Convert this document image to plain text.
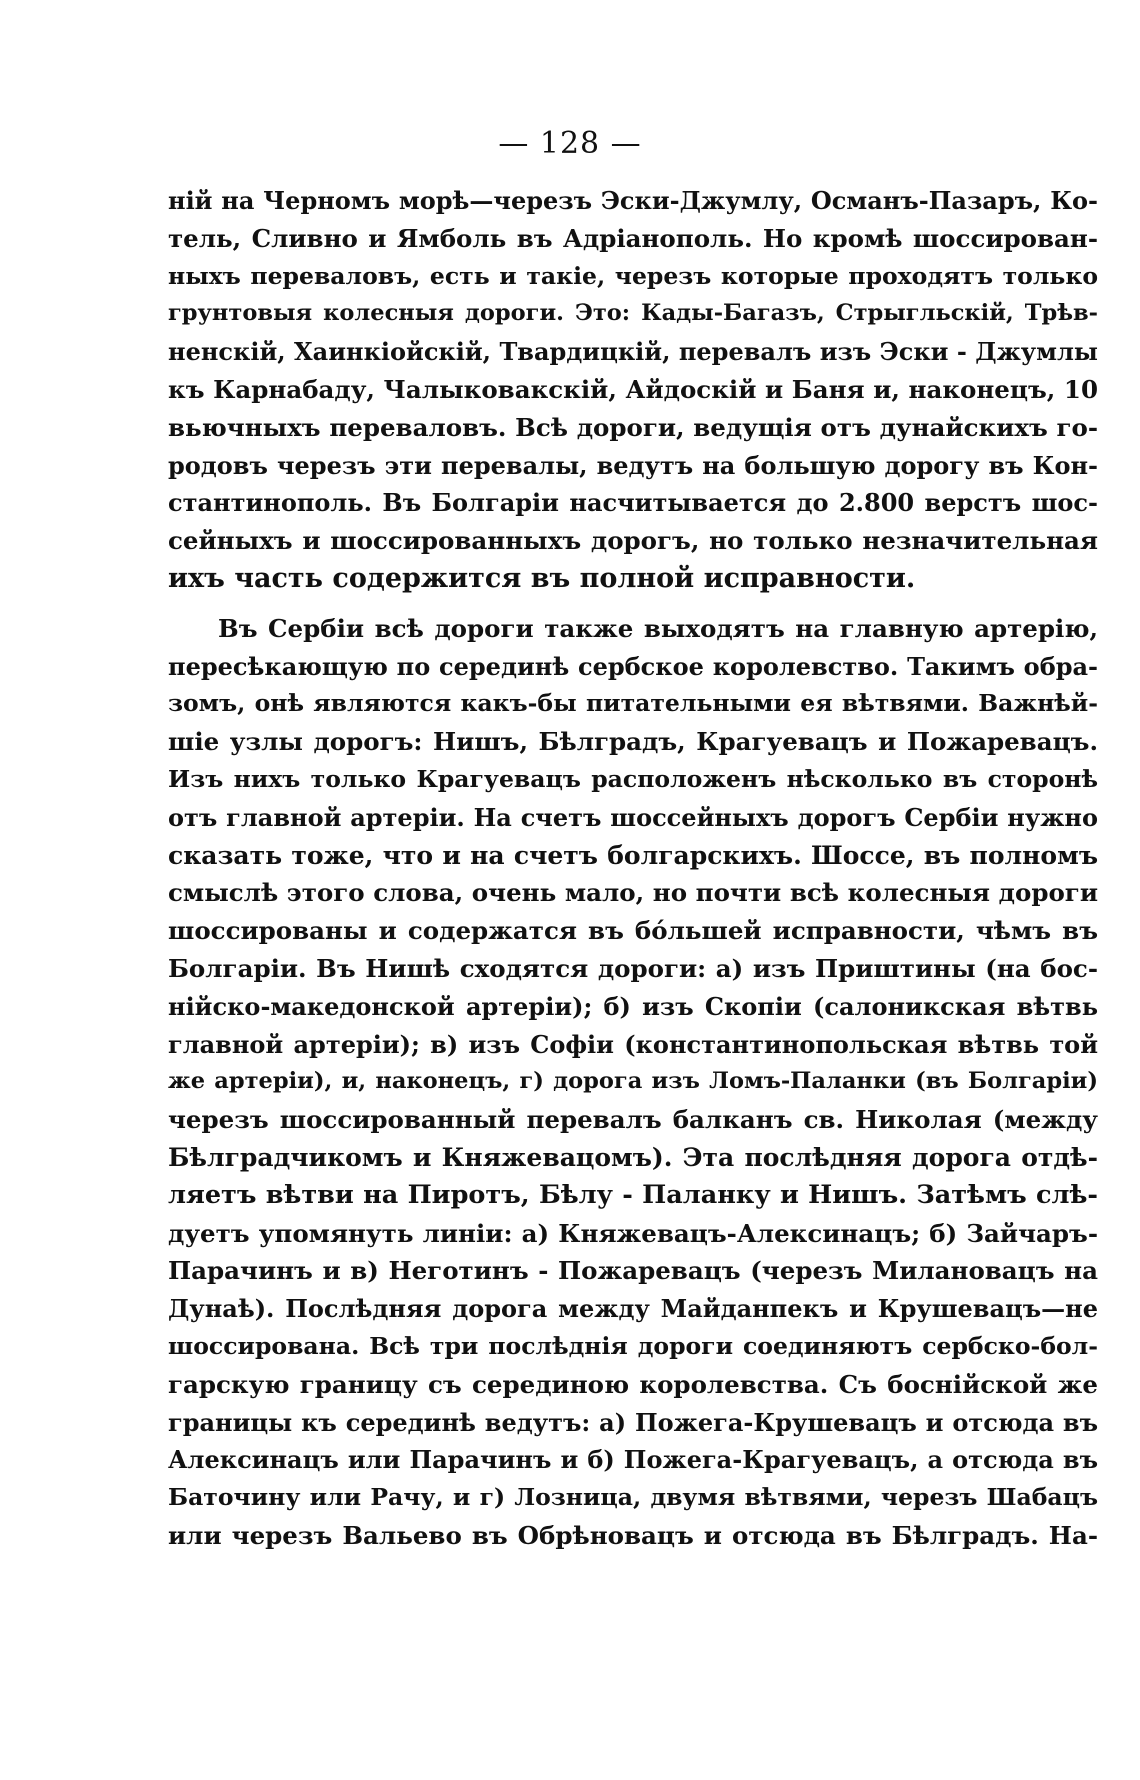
— 128 —
ній на Черномъ морѣ—черезъ Эски-Джумлу, Османъ-Пазаръ, Ко-
тель, Сливно и Ямболь въ Адріанополь. Но кромѣ шоссирован-
ныхъ переваловъ, есть и такіе, черезъ которые проходятъ только
грунтовыя колесныя дороги. Это: Кады-Багазъ, Стрыгльскій, Трѣв-
ненскій, Хаинкіойскій, Твардицкій, перевалъ изъ Эски - Джумлы
къ Карнабаду, Чалыковакскій, Айдоскій и Баня и, наконецъ, 10
вьючныхъ переваловъ. Всѣ дороги, ведущія отъ дунайскихъ го-
родовъ черезъ эти перевалы, ведутъ на большую дорогу въ Кон-
стантинополь. Въ Болгаріи насчитывается до 2.800 верстъ шос-
сейныхъ и шоссированныхъ дорогъ, но только незначительная
ихъ часть содержится въ полной исправности.
Въ Сербіи всѣ дороги также выходятъ на главную артерію,
пересѣкающую по серединѣ сербское королевство. Такимъ обра-
зомъ, онѣ являются какъ-бы питательными ея вѣтвями. Важнѣй-
шіе узлы дорогъ: Нишъ, Бѣлградъ, Крагуевацъ и Пожаревацъ.
Изъ нихъ только Крагуевацъ расположенъ нѣсколько въ сторонѣ
отъ главной артеріи. На счетъ шоссейныхъ дорогъ Сербіи нужно
сказать тоже, что и на счетъ болгарскихъ. Шоссе, въ полномъ
смыслѣ этого слова, очень мало, но почти всѣ колесныя дороги
шоссированы и содержатся въ бóльшей исправности, чѣмъ въ
Болгаріи. Въ Нишѣ сходятся дороги: а) изъ Приштины (на бос-
нійско-македонской артеріи); б) изъ Скопіи (салоникская вѣтвь
главной артеріи); в) изъ Софіи (константинопольская вѣтвь той
же артеріи), и, наконецъ, г) дорога изъ Ломъ-Паланки (въ Болгаріи)
черезъ шоссированный перевалъ балканъ св. Николая (между
Бѣлградчикомъ и Княжевацомъ). Эта послѣдняя дорога отдѣ-
ляетъ вѣтви на Пиротъ, Бѣлу - Паланку и Нишъ. Затѣмъ слѣ-
дуетъ упомянуть линіи: а) Княжевацъ-Алексинацъ; б) Зайчаръ-
Парачинъ и в) Неготинъ - Пожаревацъ (черезъ Милановацъ на
Дунаѣ). Послѣдняя дорога между Майданпекъ и Крушевацъ—не
шоссирована. Всѣ три послѣднія дороги соединяютъ сербско-бол-
гарскую границу съ серединою королевства. Съ боснійской же
границы къ серединѣ ведутъ: а) Пожега-Крушевацъ и отсюда въ
Алексинацъ или Парачинъ и б) Пожега-Крагуевацъ, а отсюда въ
Баточину или Рачу, и г) Лозница, двумя вѣтвями, черезъ Шабацъ
или черезъ Вальево въ Обрѣновацъ и отсюда въ Бѣлградъ. На-
